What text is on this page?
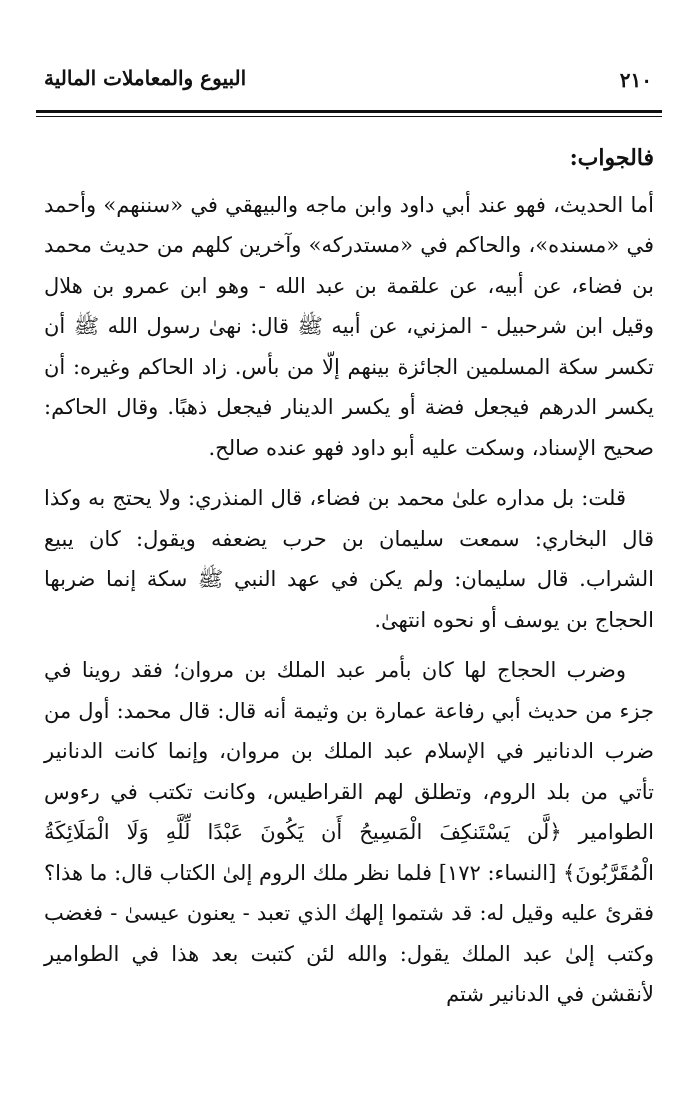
٢١٠
البيوع والمعاملات المالية

فالجواب:

أما الحديث، فهو عند أبي داود وابن ماجه والبيهقي في «سننهم» وأحمد في «مسنده»، والحاكم في «مستدركه» وآخرين كلهم من حديث محمد بن فضاء، عن أبيه، عن علقمة بن عبد الله - وهو ابن عمرو بن هلال وقيل ابن شرحبيل - المزني، عن أبيه ﷺ قال: نهىٰ رسول الله ﷺ أن تكسر سكة المسلمين الجائزة بينهم إلّا من بأس. زاد الحاكم وغيره: أن يكسر الدرهم فيجعل فضة أو يكسر الدينار فيجعل ذهبًا. وقال الحاكم: صحيح الإسناد، وسكت عليه أبو داود فهو عنده صالح.

قلت: بل مداره علىٰ محمد بن فضاء، قال المنذري: ولا يحتج به وكذا قال البخاري: سمعت سليمان بن حرب يضعفه ويقول: كان يبيع الشراب. قال سليمان: ولم يكن في عهد النبي ﷺ سكة إنما ضربها الحجاج بن يوسف أو نحوه انتهىٰ.

وضرب الحجاج لها كان بأمر عبد الملك بن مروان؛ فقد روينا في جزء من حديث أبي رفاعة عمارة بن وثيمة أنه قال: قال محمد: أول من ضرب الدنانير في الإسلام عبد الملك بن مروان، وإنما كانت الدنانير تأتي من بلد الروم، وتطلق لهم القراطيس، وكانت تكتب في رءوس الطوامير ﴿لَّن يَسْتَنكِفَ الْمَسِيحُ أَن يَكُونَ عَبْدًا لِّلَّهِ وَلَا الْمَلَائِكَةُ الْمُقَرَّبُونَ﴾ [النساء: ١٧٢] فلما نظر ملك الروم إلىٰ الكتاب قال: ما هذا؟ فقرئ عليه وقيل له: قد شتموا إلهك الذي تعبد - يعنون عيسىٰ - فغضب وكتب إلىٰ عبد الملك يقول: والله لئن كتبت بعد هذا في الطوامير لأنقشن في الدنانير شتم
